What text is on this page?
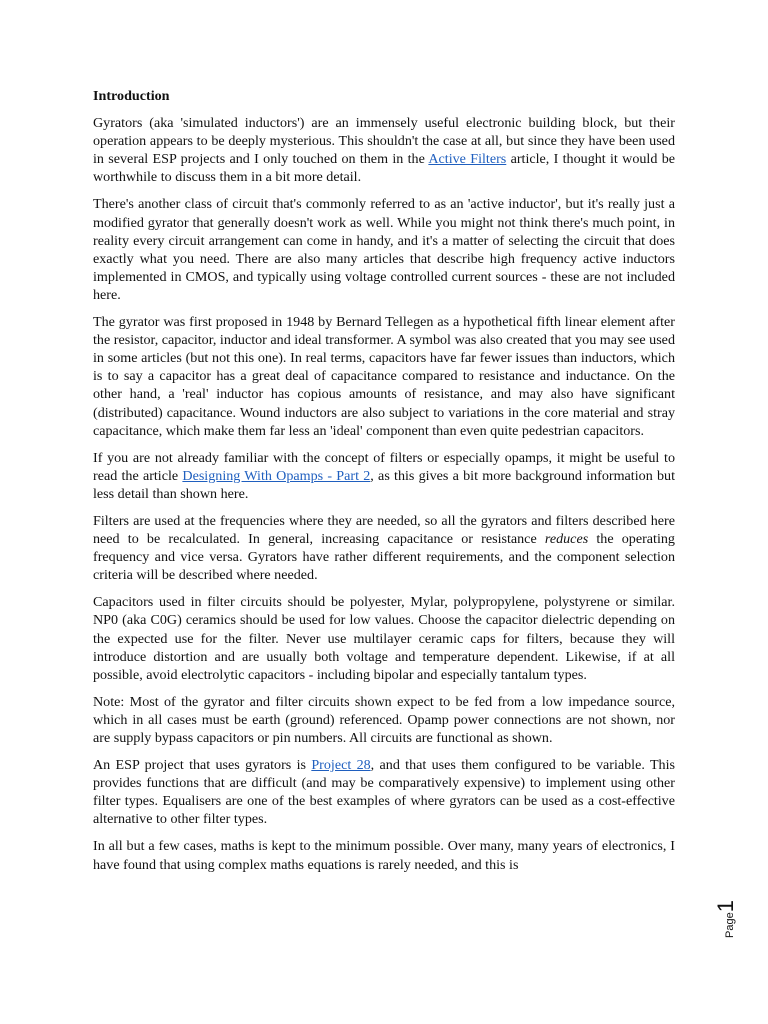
Introduction

Gyrators (aka 'simulated inductors') are an immensely useful electronic building block, but their operation appears to be deeply mysterious. This shouldn't the case at all, but since they have been used in several ESP projects and I only touched on them in the Active Filters article, I thought it would be worthwhile to discuss them in a bit more detail.

There's another class of circuit that's commonly referred to as an 'active inductor', but it's really just a modified gyrator that generally doesn't work as well. While you might not think there's much point, in reality every circuit arrangement can come in handy, and it's a matter of selecting the circuit that does exactly what you need. There are also many articles that describe high frequency active inductors implemented in CMOS, and typically using voltage controlled current sources - these are not included here.

The gyrator was first proposed in 1948 by Bernard Tellegen as a hypothetical fifth linear element after the resistor, capacitor, inductor and ideal transformer. A symbol was also created that you may see used in some articles (but not this one). In real terms, capacitors have far fewer issues than inductors, which is to say a capacitor has a great deal of capacitance compared to resistance and inductance. On the other hand, a 'real' inductor has copious amounts of resistance, and may also have significant (distributed) capacitance. Wound inductors are also subject to variations in the core material and stray capacitance, which make them far less an 'ideal' component than even quite pedestrian capacitors.

If you are not already familiar with the concept of filters or especially opamps, it might be useful to read the article Designing With Opamps - Part 2, as this gives a bit more background information but less detail than shown here.

Filters are used at the frequencies where they are needed, so all the gyrators and filters described here need to be recalculated. In general, increasing capacitance or resistance reduces the operating frequency and vice versa. Gyrators have rather different requirements, and the component selection criteria will be described where needed.

Capacitors used in filter circuits should be polyester, Mylar, polypropylene, polystyrene or similar. NP0 (aka C0G) ceramics should be used for low values. Choose the capacitor dielectric depending on the expected use for the filter. Never use multilayer ceramic caps for filters, because they will introduce distortion and are usually both voltage and temperature dependent. Likewise, if at all possible, avoid electrolytic capacitors - including bipolar and especially tantalum types.

Note: Most of the gyrator and filter circuits shown expect to be fed from a low impedance source, which in all cases must be earth (ground) referenced. Opamp power connections are not shown, nor are supply bypass capacitors or pin numbers. All circuits are functional as shown.

An ESP project that uses gyrators is Project 28, and that uses them configured to be variable. This provides functions that are difficult (and may be comparatively expensive) to implement using other filter types. Equalisers are one of the best examples of where gyrators can be used as a cost-effective alternative to other filter types.

In all but a few cases, maths is kept to the minimum possible. Over many, many years of electronics, I have found that using complex maths equations is rarely needed, and this is

Page1
